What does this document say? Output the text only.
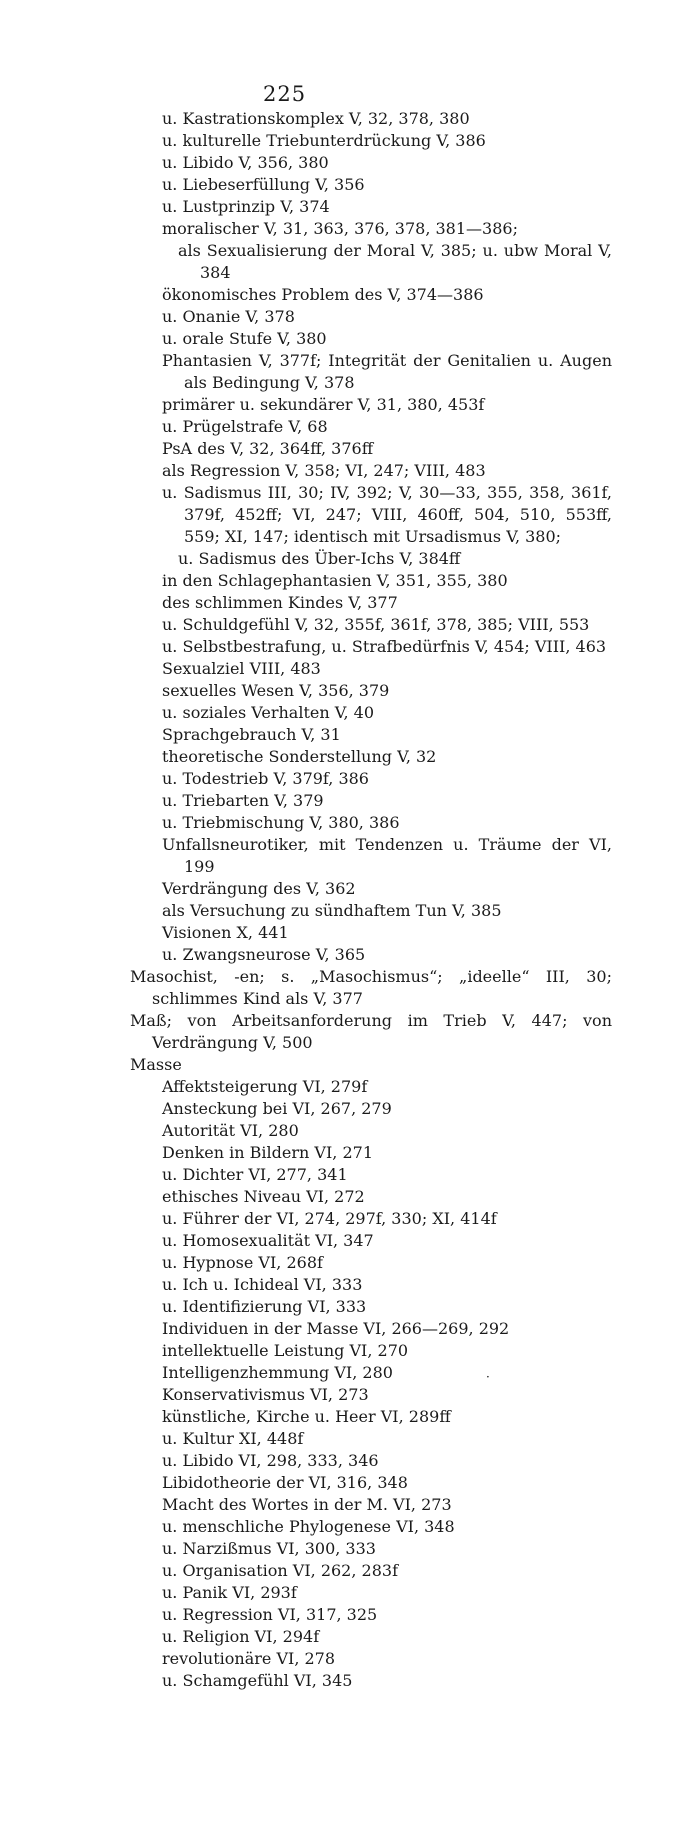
225
u. Kastrationskomplex V, 32, 378, 380
u. kulturelle Triebunterdrückung V, 386
u. Libido V, 356, 380
u. Liebeserfüllung V, 356
u. Lustprinzip V, 374
moralischer V, 31, 363, 376, 378, 381—386;
als Sexualisierung der Moral V, 385; u. ubw Moral V, 384
ökonomisches Problem des V, 374—386
u. Onanie V, 378
u. orale Stufe V, 380
Phantasien V, 377f; Integrität der Genitalien u. Augen als Bedingung V, 378
primärer u. sekundärer V, 31, 380, 453f
u. Prügelstrafe V, 68
PsA des V, 32, 364ff, 376ff
als Regression V, 358; VI, 247; VIII, 483
u. Sadismus III, 30; IV, 392; V, 30—33, 355, 358, 361f, 379f, 452ff; VI, 247; VIII, 460ff, 504, 510, 553ff, 559; XI, 147; identisch mit Ursadismus V, 380;
u. Sadismus des Über-Ichs V, 384ff
in den Schlagephantasien V, 351, 355, 380
des schlimmen Kindes V, 377
u. Schuldgefühl V, 32, 355f, 361f, 378, 385; VIII, 553
u. Selbstbestrafung, u. Strafbedürfnis V, 454; VIII, 463
Sexualziel VIII, 483
sexuelles Wesen V, 356, 379
u. soziales Verhalten V, 40
Sprachgebrauch V, 31
theoretische Sonderstellung V, 32
u. Todestrieb V, 379f, 386
u. Triebarten V, 379
u. Triebmischung V, 380, 386
Unfallsneurotiker, mit Tendenzen u. Träume der VI, 199
Verdrängung des V, 362
als Versuchung zu sündhaftem Tun V, 385
Visionen X, 441
u. Zwangsneurose V, 365
Masochist, -en; s. „Masochismus“; „ideelle“ III, 30; schlimmes Kind als V, 377
Maß; von Arbeitsanforderung im Trieb V, 447; von Verdrängung V, 500
Masse
Affektsteigerung VI, 279f
Ansteckung bei VI, 267, 279
Autorität VI, 280
Denken in Bildern VI, 271
u. Dichter VI, 277, 341
ethisches Niveau VI, 272
u. Führer der VI, 274, 297f, 330; XI, 414f
u. Homosexualität VI, 347
u. Hypnose VI, 268f
u. Ich u. Ichideal VI, 333
u. Identifizierung VI, 333
Individuen in der Masse VI, 266—269, 292
intellektuelle Leistung VI, 270
Intelligenzhemmung VI, 280
Konservativismus VI, 273
künstliche, Kirche u. Heer VI, 289ff
u. Kultur XI, 448f
u. Libido VI, 298, 333, 346
Libidotheorie der VI, 316, 348
Macht des Wortes in der M. VI, 273
u. menschliche Phylogenese VI, 348
u. Narzißmus VI, 300, 333
u. Organisation VI, 262, 283f
u. Panik VI, 293f
u. Regression VI, 317, 325
u. Religion VI, 294f
revolutionäre VI, 278
u. Schamgefühl VI, 345
·
